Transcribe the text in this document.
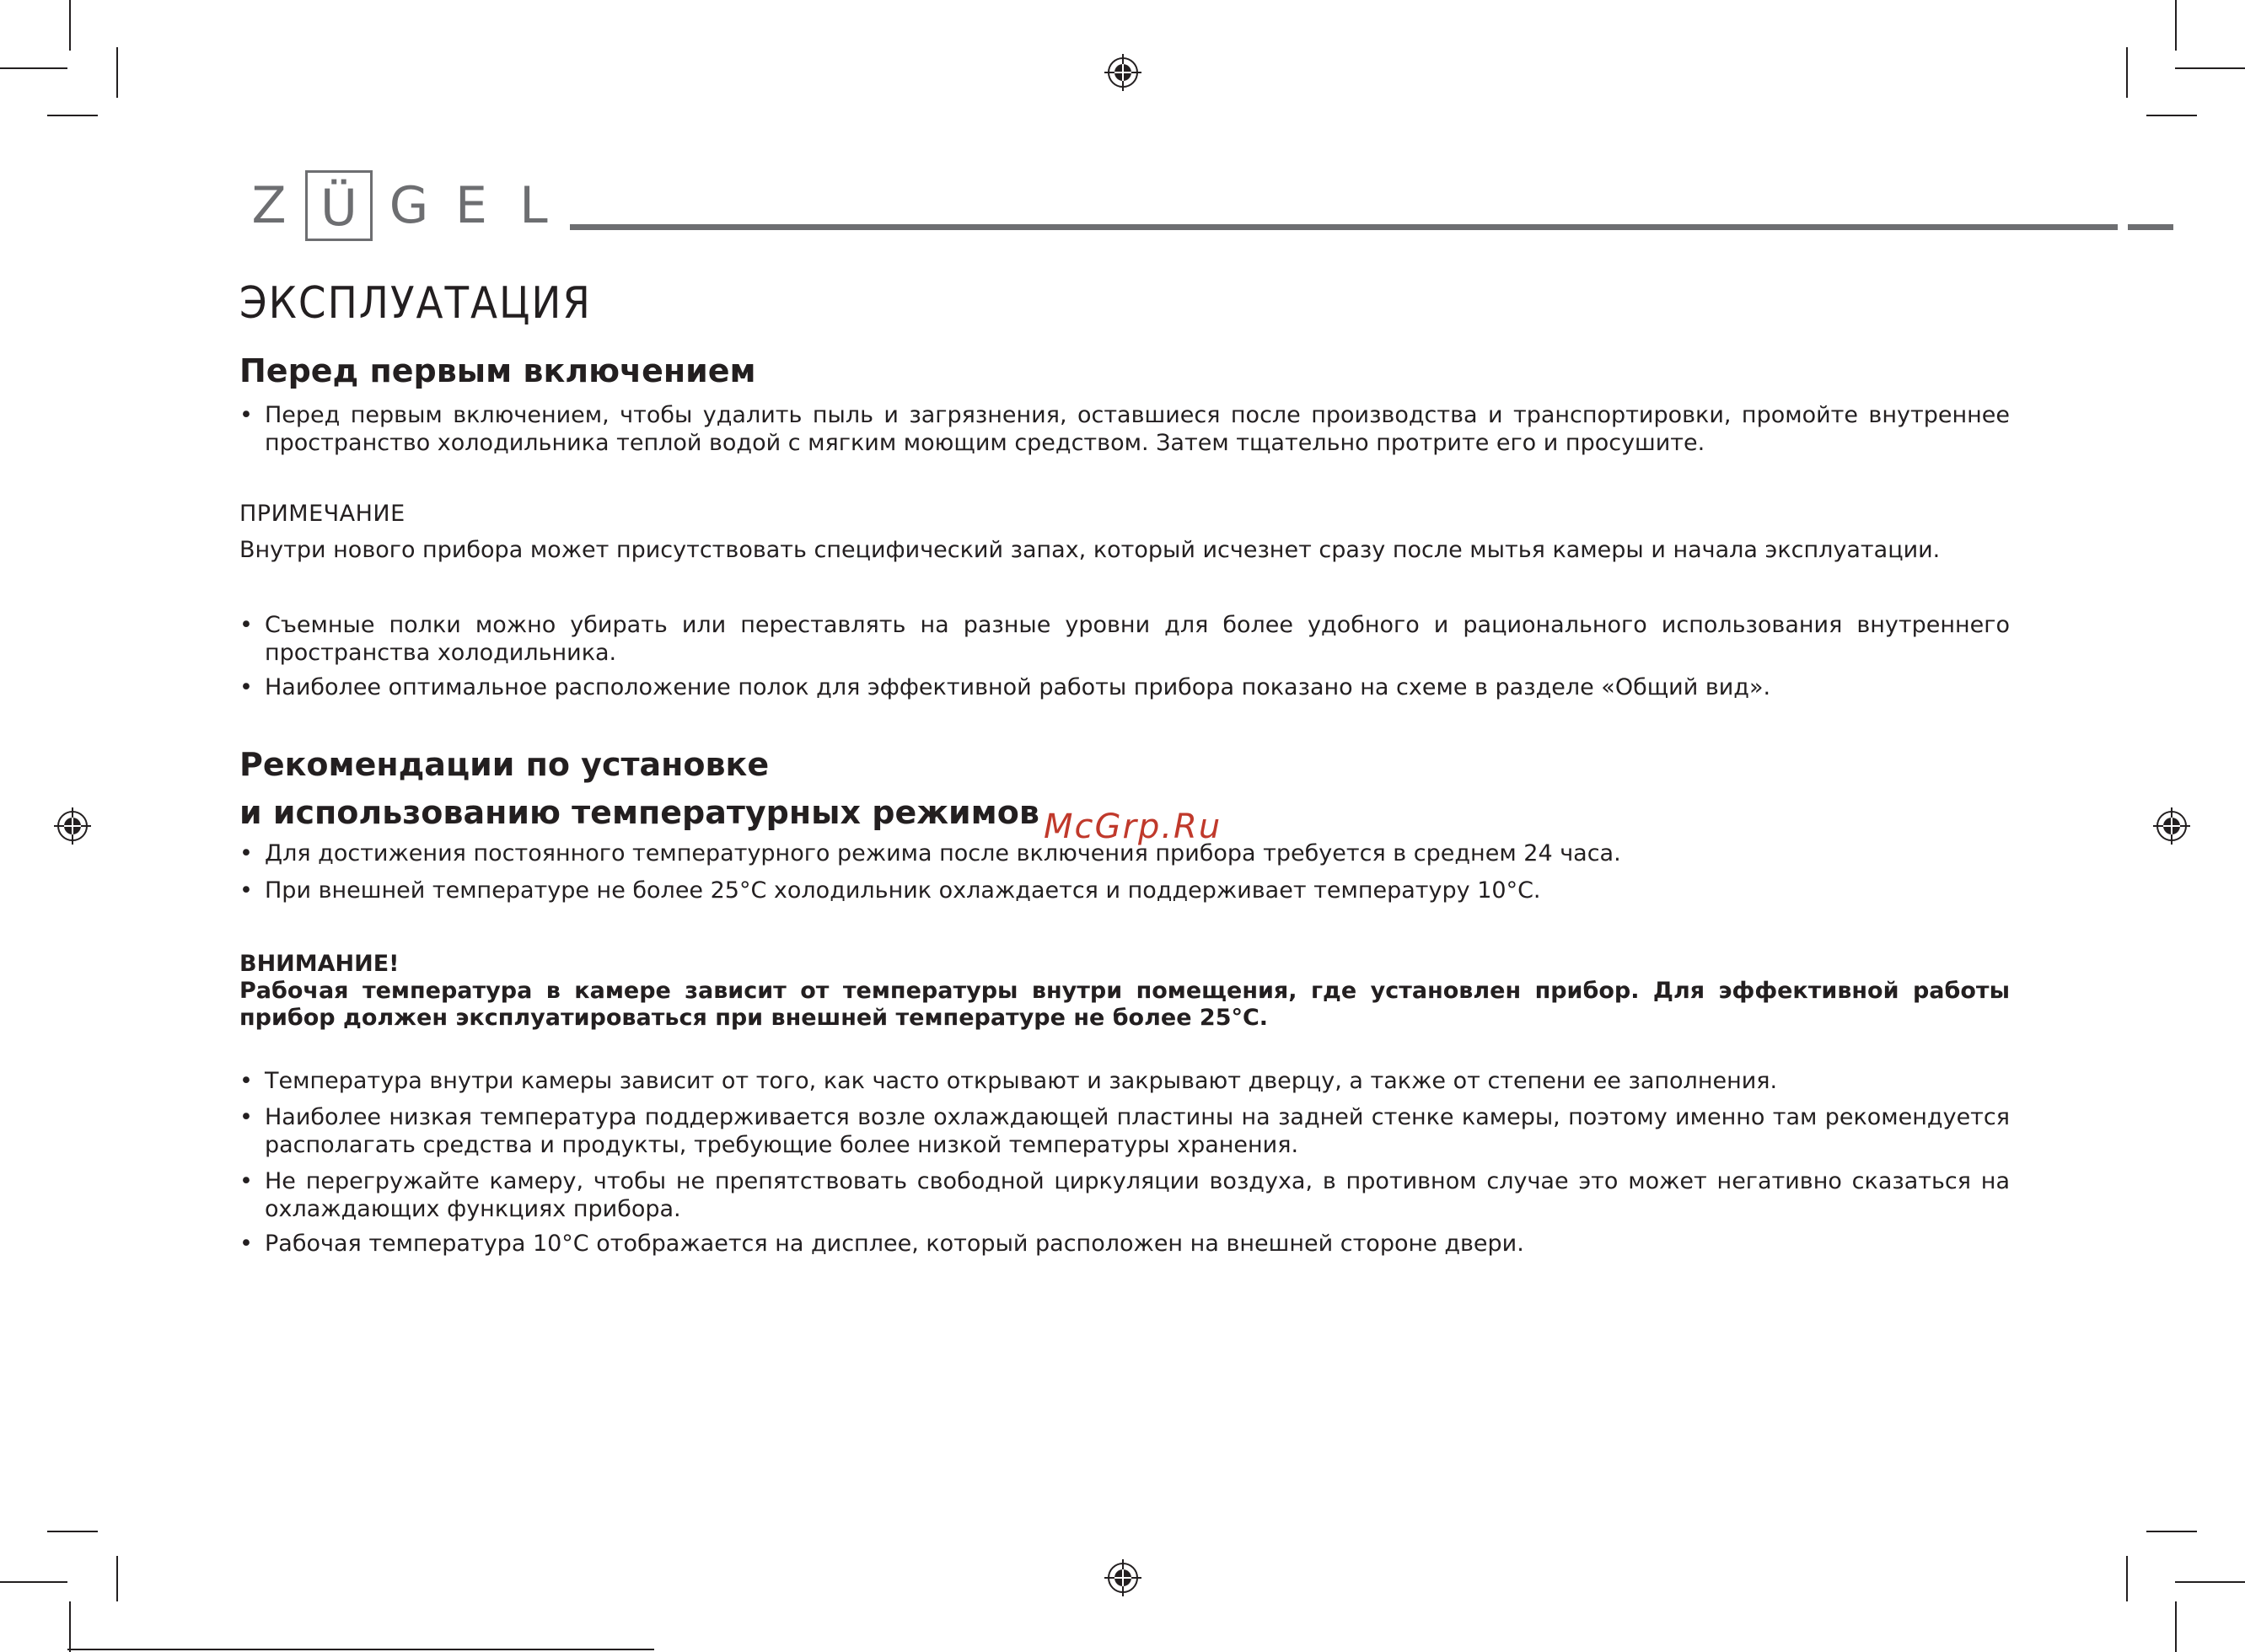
Z Ü G E L
ЭКСПЛУАТАЦИЯ
Перед первым включением
• Перед первым включением, чтобы удалить пыль и загрязнения, оставшиеся после производства и транспортировки, промойте внутреннее пространство холодильника теплой водой с мягким моющим средством. Затем тщательно протрите его и просушите.
ПРИМЕЧАНИЕ
Внутри нового прибора может присутствовать специфический запах, который исчезнет сразу после мытья камеры и начала эксплуатации.
• Съемные полки можно убирать или переставлять на разные уровни для более удобного и рационального использования внутреннего пространства холодильника.
• Наиболее оптимальное расположение полок для эффективной работы прибора показано на схеме в разделе «Общий вид».
Рекомендации по установке
и использованию температурных режимов McGrp.Ru
• Для достижения постоянного температурного режима после включения прибора требуется в среднем 24 часа.
• При внешней температуре не более 25°С холодильник охлаждается и поддерживает температуру 10°С.
ВНИМАНИЕ!
Рабочая температура в камере зависит от температуры внутри помещения, где установлен прибор. Для эффективной работы прибор должен эксплуатироваться при внешней температуре не более 25°С.
• Температура внутри камеры зависит от того, как часто открывают и закрывают дверцу, а также от степени ее заполнения.
• Наиболее низкая температура поддерживается возле охлаждающей пластины на задней стенке камеры, поэтому именно там рекомендуется располагать средства и продукты, требующие более низкой температуры хранения.
• Не перегружайте камеру, чтобы не препятствовать свободной циркуляции воздуха, в противном случае это может негативно сказаться на охлаждающих функциях прибора.
• Рабочая температура 10°С отображается на дисплее, который расположен на внешней стороне двери.
